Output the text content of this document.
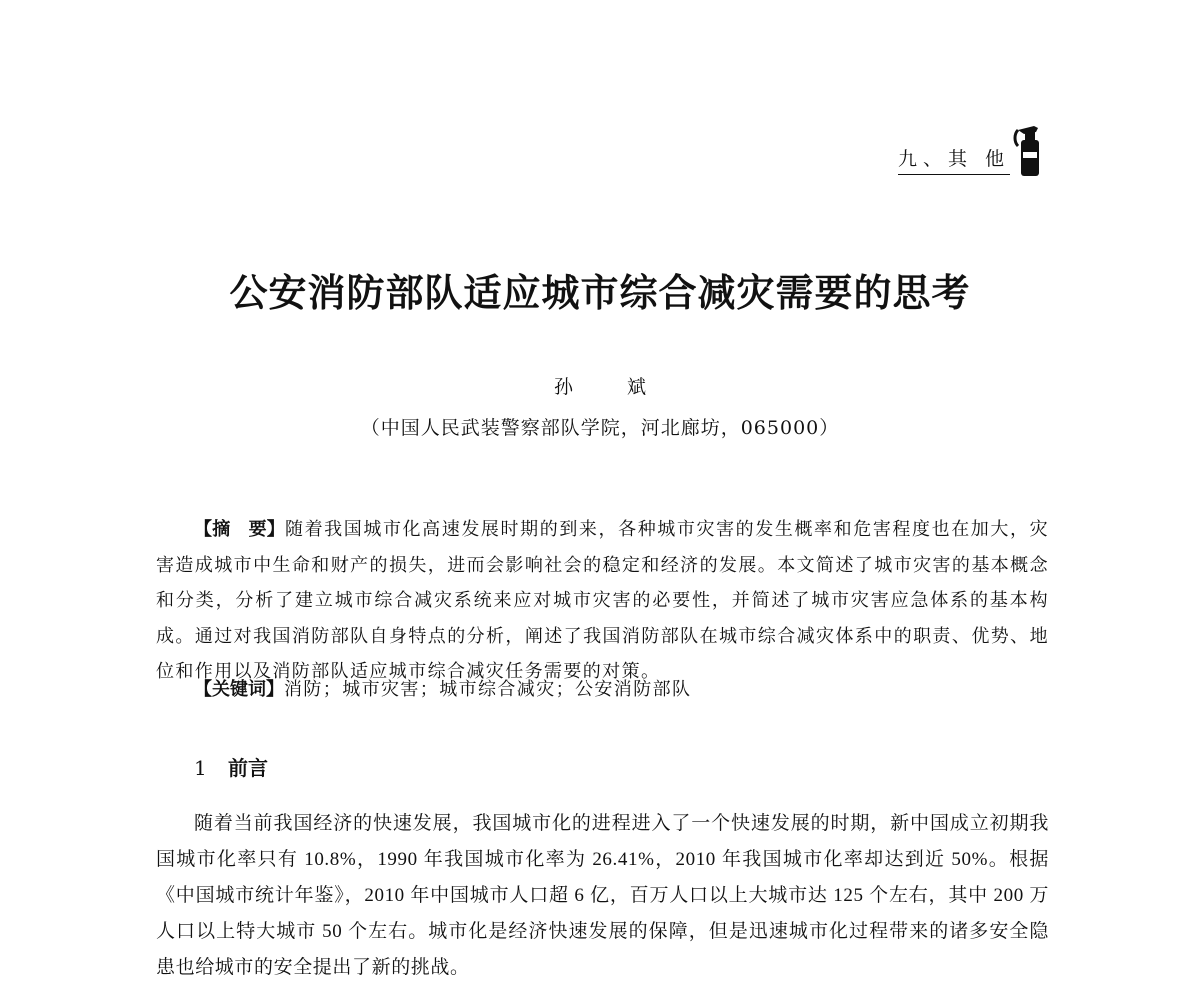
九、其 他
公安消防部队适应城市综合减灾需要的思考
孙 斌
（中国人民武装警察部队学院，河北廊坊，065000）
【摘　要】随着我国城市化高速发展时期的到来，各种城市灾害的发生概率和危害程度也在加大，灾害造成城市中生命和财产的损失，进而会影响社会的稳定和经济的发展。本文简述了城市灾害的基本概念和分类，分析了建立城市综合减灾系统来应对城市灾害的必要性，并简述了城市灾害应急体系的基本构成。通过对我国消防部队自身特点的分析，阐述了我国消防部队在城市综合减灾体系中的职责、优势、地位和作用以及消防部队适应城市综合减灾任务需要的对策。
【关键词】消防；城市灾害；城市综合减灾；公安消防部队
1 前言
随着当前我国经济的快速发展，我国城市化的进程进入了一个快速发展的时期，新中国成立初期我国城市化率只有 10.8%，1990 年我国城市化率为 26.41%，2010 年我国城市化率却达到近 50%。根据《中国城市统计年鉴》，2010 年中国城市人口超 6 亿，百万人口以上大城市达 125 个左右，其中 200 万人口以上特大城市 50 个左右。城市化是经济快速发展的保障，但是迅速城市化过程带来的诸多安全隐患也给城市的安全提出了新的挑战。
